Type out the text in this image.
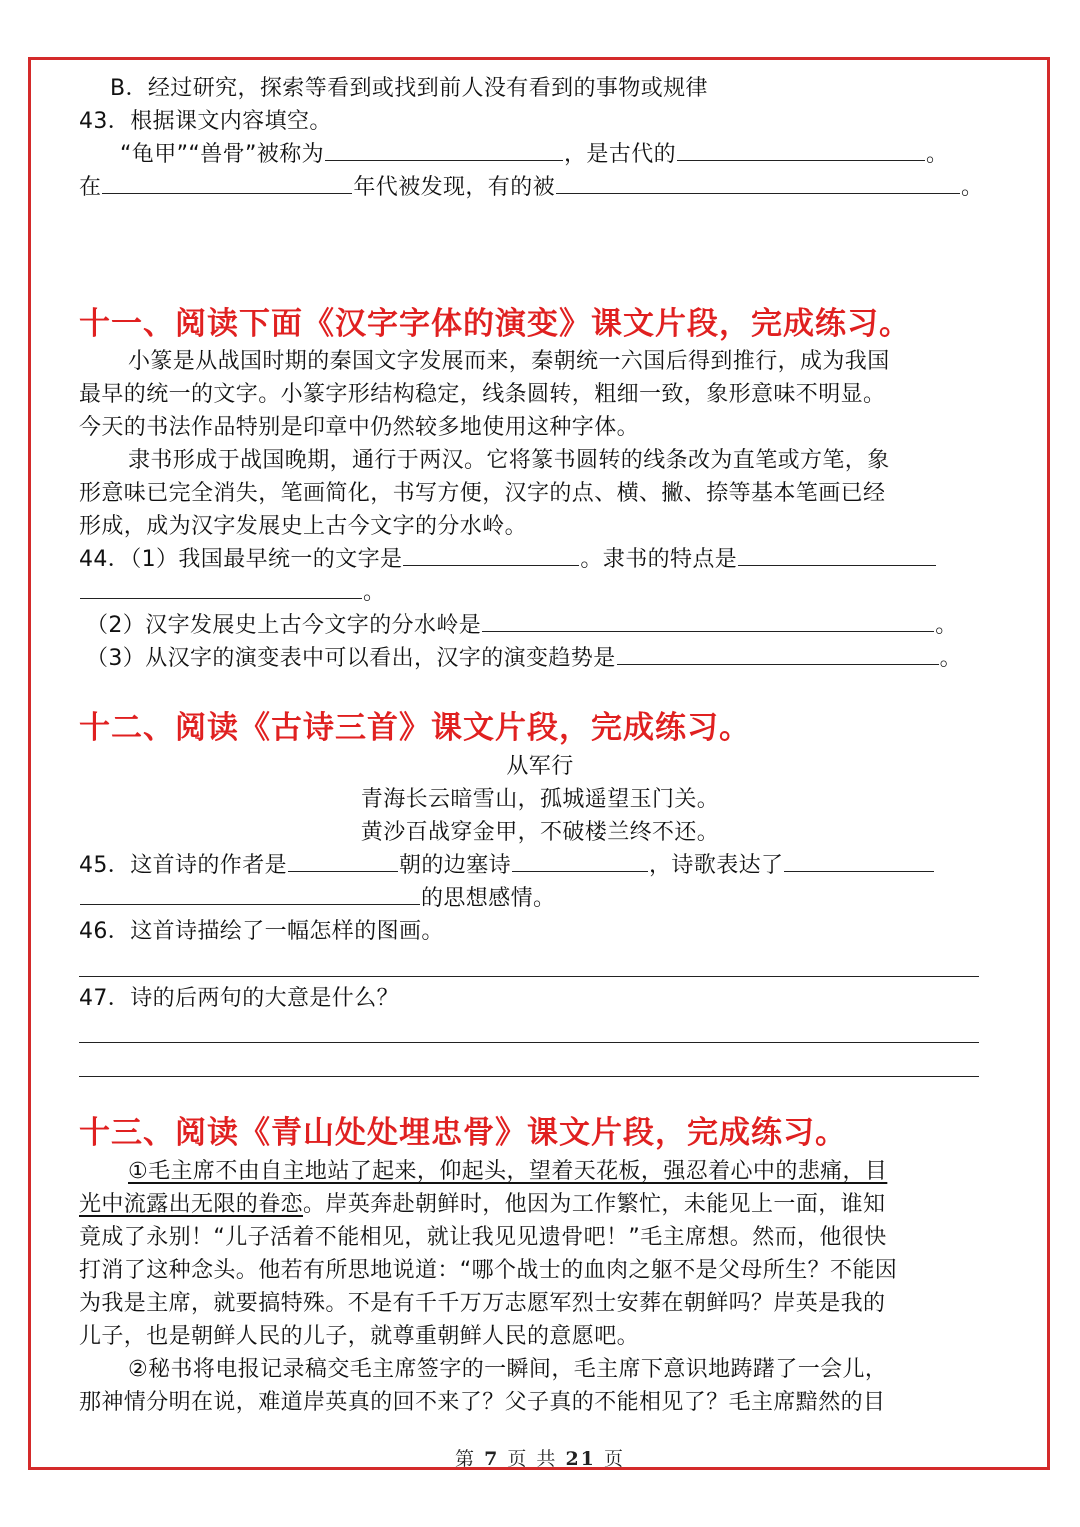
B．经过研究，探索等看到或找到前人没有看到的事物或规律
43．根据课文内容填空。
“龟甲”“兽骨”被称为	，是古代的	。
在	年代被发现，有的被	。
十一、阅读下面《汉字字体的演变》课文片段，完成练习。
小篆是从战国时期的秦国文字发展而来，秦朝统一六国后得到推行，成为我国
最早的统一的文字。小篆字形结构稳定，线条圆转，粗细一致，象形意味不明显。
今天的书法作品特别是印章中仍然较多地使用这种字体。
隶书形成于战国晚期，通行于两汉。它将篆书圆转的线条改为直笔或方笔，象
形意味已完全消失，笔画简化，书写方便，汉字的点、横、撇、捺等基本笔画已经
形成，成为汉字发展史上古今文字的分水岭。
44．（1）我国最早统一的文字是	。隶书的特点是
。
（2）汉字发展史上古今文字的分水岭是	。
（3）从汉字的演变表中可以看出，汉字的演变趋势是	。
十二、阅读《古诗三首》课文片段，完成练习。
从军行
青海长云暗雪山，孤城遥望玉门关。
黄沙百战穿金甲，不破楼兰终不还。
45．这首诗的作者是	朝的边塞诗	，诗歌表达了
的思想感情。
46．这首诗描绘了一幅怎样的图画。
47．诗的后两句的大意是什么？
十三、阅读《青山处处埋忠骨》课文片段，完成练习。
①毛主席不由自主地站了起来，仰起头，望着天花板，强忍着心中的悲痛，目
光中流露出无限的眷恋。岸英奔赴朝鲜时，他因为工作繁忙，未能见上一面，谁知
竟成了永别！“儿子活着不能相见，就让我见见遗骨吧！”毛主席想。然而，他很快
打消了这种念头。他若有所思地说道：“哪个战士的血肉之躯不是父母所生？不能因
为我是主席，就要搞特殊。不是有千千万万志愿军烈士安葬在朝鲜吗？岸英是我的
儿子，也是朝鲜人民的儿子，就尊重朝鲜人民的意愿吧。
②秘书将电报记录稿交毛主席签字的一瞬间，毛主席下意识地踌躇了一会儿，
那神情分明在说，难道岸英真的回不来了？父子真的不能相见了？毛主席黯然的目
第 7 页 共 21 页
